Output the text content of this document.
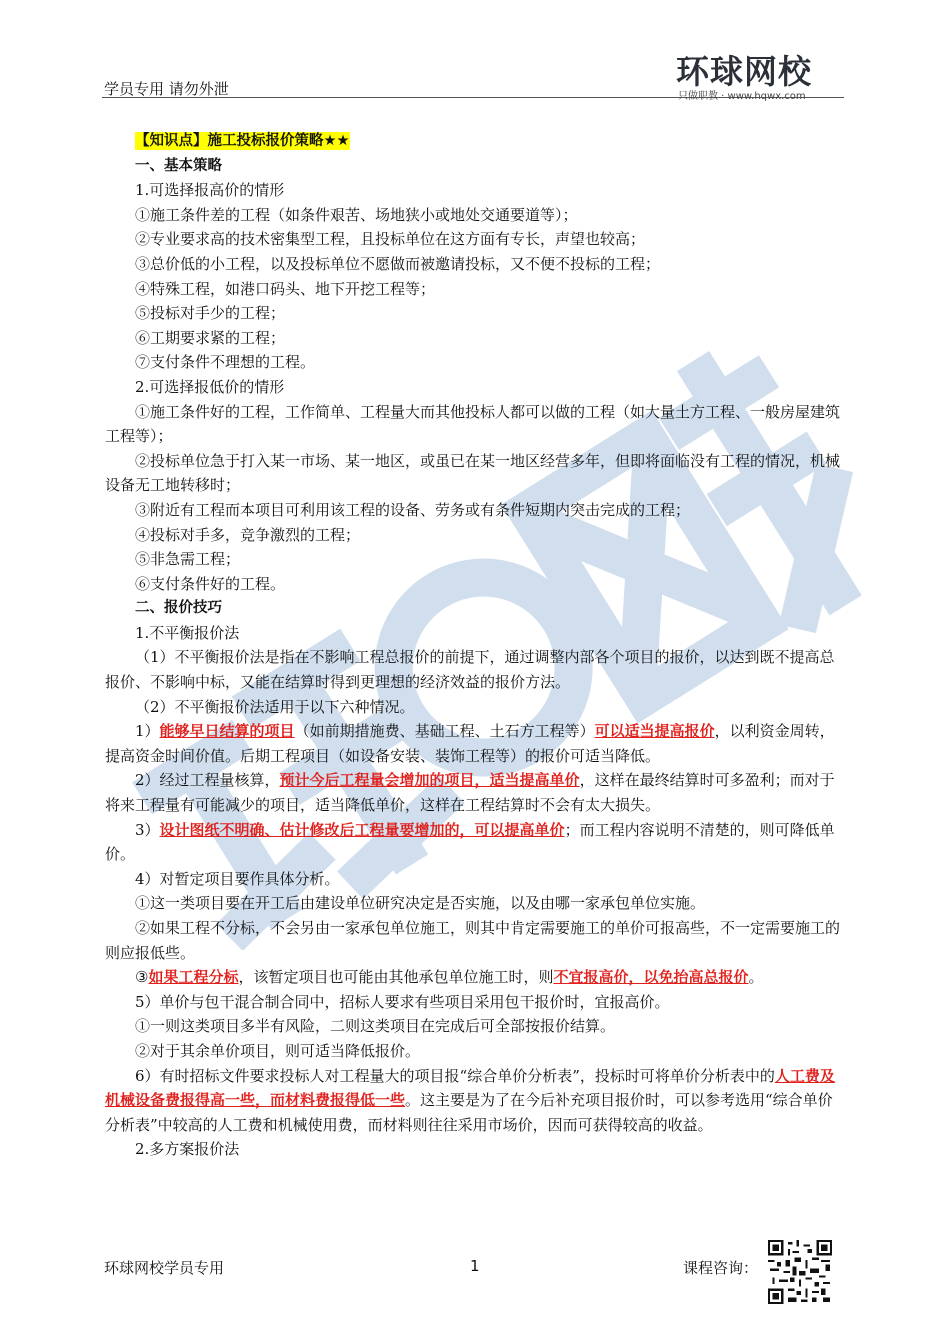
学员专用 请勿外泄	环球网校
只做职教 · www.hqwx.com

【知识点】施工投标报价策略★★

一、基本策略

1.可选择报高价的情形

①施工条件差的工程（如条件艰苦、场地狭小或地处交通要道等）；

②专业要求高的技术密集型工程，且投标单位在这方面有专长，声望也较高；

③总价低的小工程，以及投标单位不愿做而被邀请投标，又不便不投标的工程；

④特殊工程，如港口码头、地下开挖工程等；

⑤投标对手少的工程；

⑥工期要求紧的工程；

⑦支付条件不理想的工程。

2.可选择报低价的情形

①施工条件好的工程，工作简单、工程量大而其他投标人都可以做的工程（如大量土方工程、一般房屋建筑工程等）；

②投标单位急于打入某一市场、某一地区，或虽已在某一地区经营多年，但即将面临没有工程的情况，机械设备无工地转移时；

③附近有工程而本项目可利用该工程的设备、劳务或有条件短期内突击完成的工程；

④投标对手多，竞争激烈的工程；

⑤非急需工程；

⑥支付条件好的工程。

二、报价技巧

1.不平衡报价法

（1）不平衡报价法是指在不影响工程总报价的前提下，通过调整内部各个项目的报价，以达到既不提高总报价、不影响中标，又能在结算时得到更理想的经济效益的报价方法。

（2）不平衡报价法适用于以下六种情况。

1）能够早日结算的项目（如前期措施费、基础工程、土石方工程等）可以适当提高报价，以利资金周转，提高资金时间价值。后期工程项目（如设备安装、装饰工程等）的报价可适当降低。

2）经过工程量核算，预计今后工程量会增加的项目，适当提高单价，这样在最终结算时可多盈利；而对于将来工程量有可能减少的项目，适当降低单价，这样在工程结算时不会有太大损失。

3）设计图纸不明确、估计修改后工程量要增加的，可以提高单价；而工程内容说明不清楚的，则可降低单价。

4）对暂定项目要作具体分析。

①这一类项目要在开工后由建设单位研究决定是否实施，以及由哪一家承包单位实施。

②如果工程不分标，不会另由一家承包单位施工，则其中肯定需要施工的单价可报高些，不一定需要施工的则应报低些。

③如果工程分标，该暂定项目也可能由其他承包单位施工时，则不宜报高价，以免抬高总报价。

5）单价与包干混合制合同中，招标人要求有些项目采用包干报价时，宜报高价。

①一则这类项目多半有风险，二则这类项目在完成后可全部按报价结算。

②对于其余单价项目，则可适当降低报价。

6）有时招标文件要求投标人对工程量大的项目报“综合单价分析表”，投标时可将单价分析表中的人工费及机械设备费报得高一些，而材料费报得低一些。这主要是为了在今后补充项目报价时，可以参考选用“综合单价分析表”中较高的人工费和机械使用费，而材料则往往采用市场价，因而可获得较高的收益。

2.多方案报价法

环球网校学员专用	1	课程咨询：
